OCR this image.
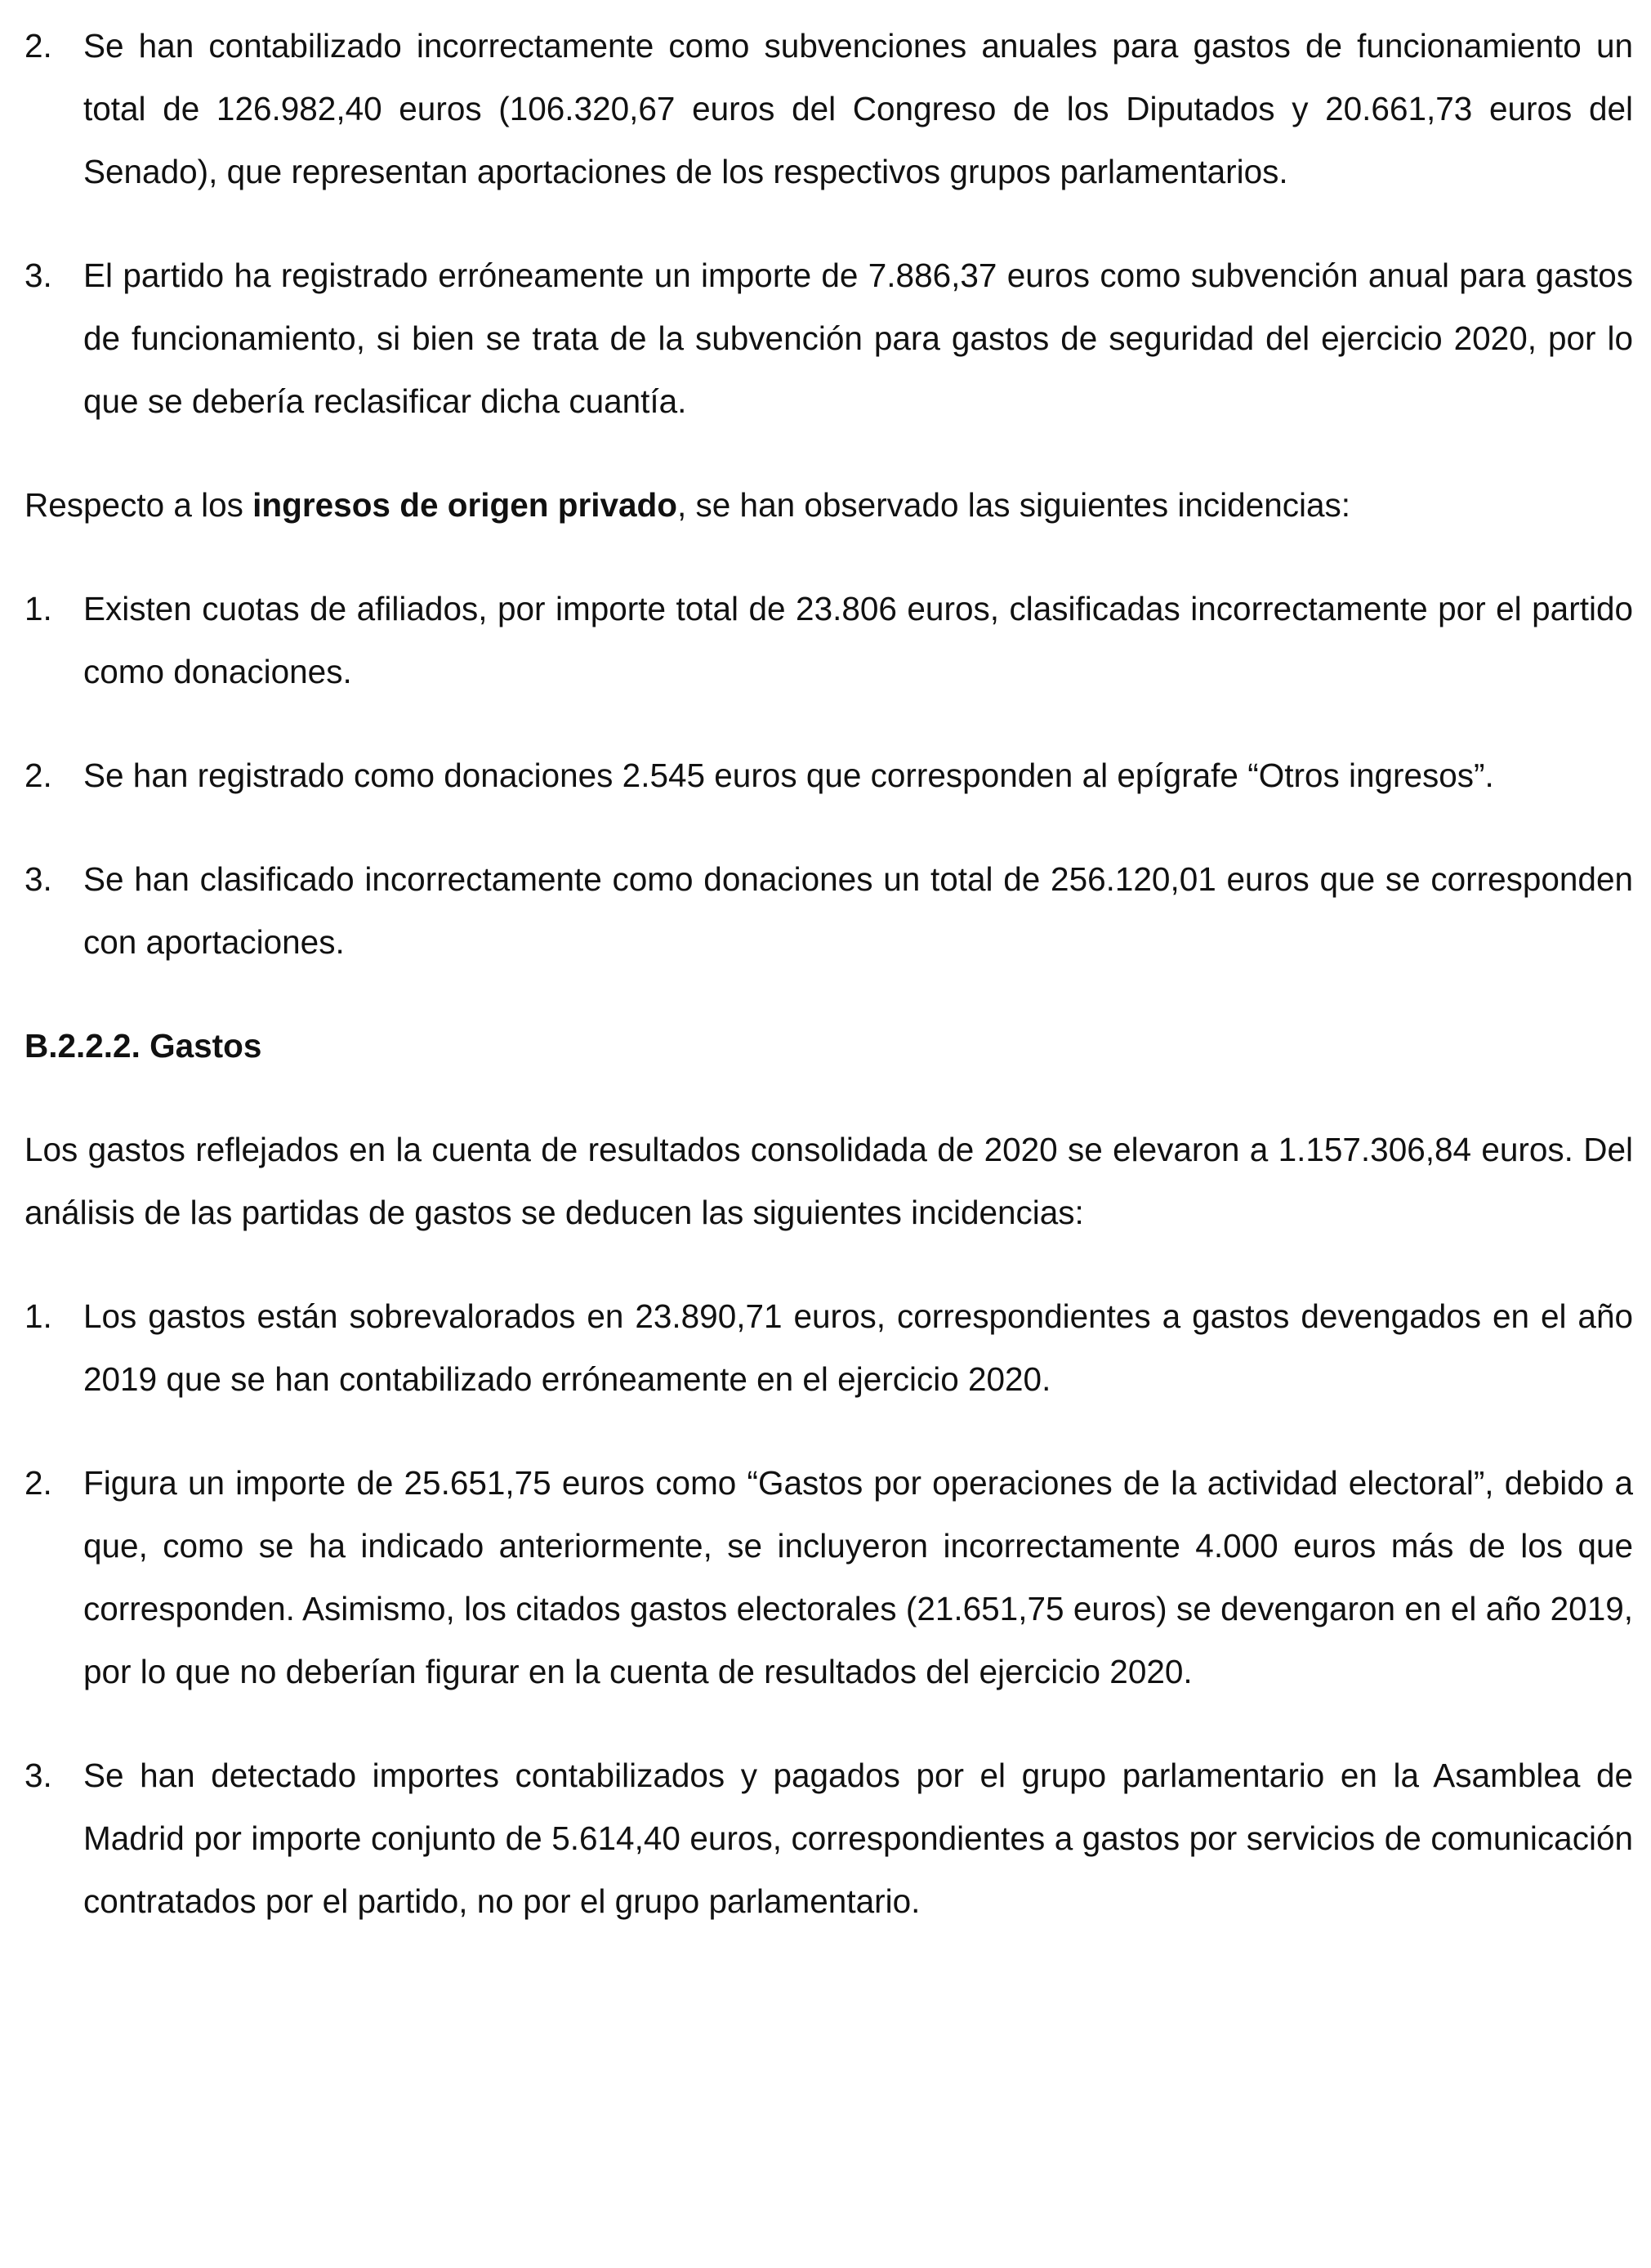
2. Se han contabilizado incorrectamente como subvenciones anuales para gastos de funcionamiento un total de 126.982,40 euros (106.320,67 euros del Congreso de los Diputados y 20.661,73 euros del Senado), que representan aportaciones de los respectivos grupos parlamentarios.
3. El partido ha registrado erróneamente un importe de 7.886,37 euros como subvención anual para gastos de funcionamiento, si bien se trata de la subvención para gastos de seguridad del ejercicio 2020, por lo que se debería reclasificar dicha cuantía.

Respecto a los ingresos de origen privado, se han observado las siguientes incidencias:

1. Existen cuotas de afiliados, por importe total de 23.806 euros, clasificadas incorrectamente por el partido como donaciones.
2. Se han registrado como donaciones 2.545 euros que corresponden al epígrafe “Otros ingresos”.
3. Se han clasificado incorrectamente como donaciones un total de 256.120,01 euros que se corresponden con aportaciones.

B.2.2.2. Gastos

Los gastos reflejados en la cuenta de resultados consolidada de 2020 se elevaron a 1.157.306,84 euros. Del análisis de las partidas de gastos se deducen las siguientes incidencias:

1. Los gastos están sobrevalorados en 23.890,71 euros, correspondientes a gastos devengados en el año 2019 que se han contabilizado erróneamente en el ejercicio 2020.
2. Figura un importe de 25.651,75 euros como “Gastos por operaciones de la actividad electoral”, debido a que, como se ha indicado anteriormente, se incluyeron incorrectamente 4.000 euros más de los que corresponden. Asimismo, los citados gastos electorales (21.651,75 euros) se devengaron en el año 2019, por lo que no deberían figurar en la cuenta de resultados del ejercicio 2020.
3. Se han detectado importes contabilizados y pagados por el grupo parlamentario en la Asamblea de Madrid por importe conjunto de 5.614,40 euros, correspondientes a gastos por servicios de comunicación contratados por el partido, no por el grupo parlamentario.
